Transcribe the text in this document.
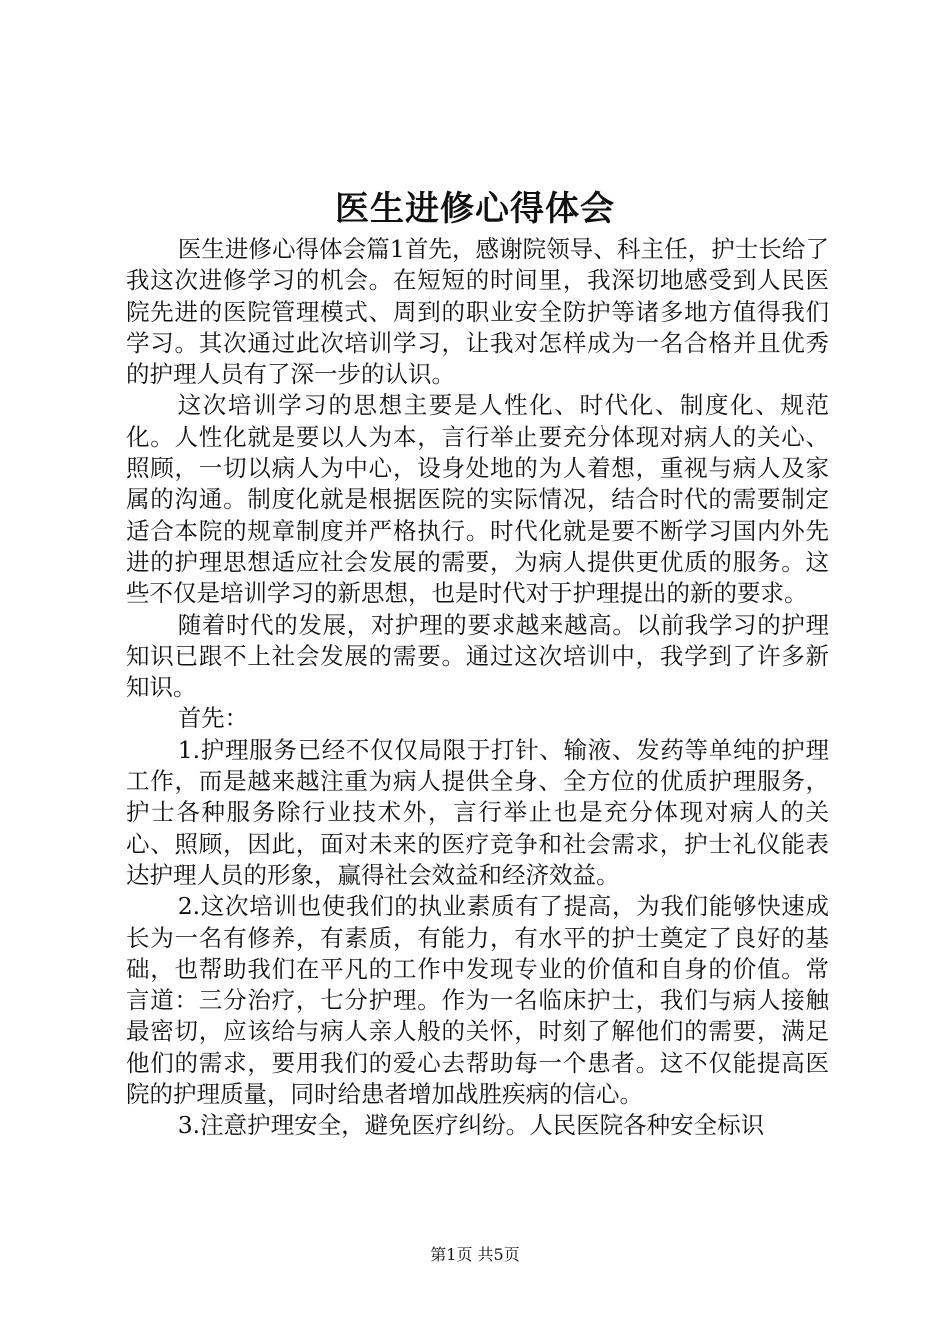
医生进修心得体会

医生进修心得体会篇1首先，感谢院领导、科主任，护士长给了我这次进修学习的机会。在短短的时间里，我深切地感受到人民医院先进的医院管理模式、周到的职业安全防护等诸多地方值得我们学习。其次通过此次培训学习，让我对怎样成为一名合格并且优秀的护理人员有了深一步的认识。

这次培训学习的思想主要是人性化、时代化、制度化、规范化。人性化就是要以人为本，言行举止要充分体现对病人的关心、照顾，一切以病人为中心，设身处地的为人着想，重视与病人及家属的沟通。制度化就是根据医院的实际情况，结合时代的需要制定适合本院的规章制度并严格执行。时代化就是要不断学习国内外先进的护理思想适应社会发展的需要，为病人提供更优质的服务。这些不仅是培训学习的新思想，也是时代对于护理提出的新的要求。

随着时代的发展，对护理的要求越来越高。以前我学习的护理知识已跟不上社会发展的需要。通过这次培训中，我学到了许多新知识。

首先：

1.护理服务已经不仅仅局限于打针、输液、发药等单纯的护理工作，而是越来越注重为病人提供全身、全方位的优质护理服务，护士各种服务除行业技术外，言行举止也是充分体现对病人的关心、照顾，因此，面对未来的医疗竞争和社会需求，护士礼仪能表达护理人员的形象，赢得社会效益和经济效益。

2.这次培训也使我们的执业素质有了提高，为我们能够快速成长为一名有修养，有素质，有能力，有水平的护士奠定了良好的基础，也帮助我们在平凡的工作中发现专业的价值和自身的价值。常言道：三分治疗，七分护理。作为一名临床护士，我们与病人接触最密切，应该给与病人亲人般的关怀，时刻了解他们的需要，满足他们的需求，要用我们的爱心去帮助每一个患者。这不仅能提高医院的护理质量，同时给患者增加战胜疾病的信心。

3.注意护理安全，避免医疗纠纷。人民医院各种安全标识

第1页 共5页
